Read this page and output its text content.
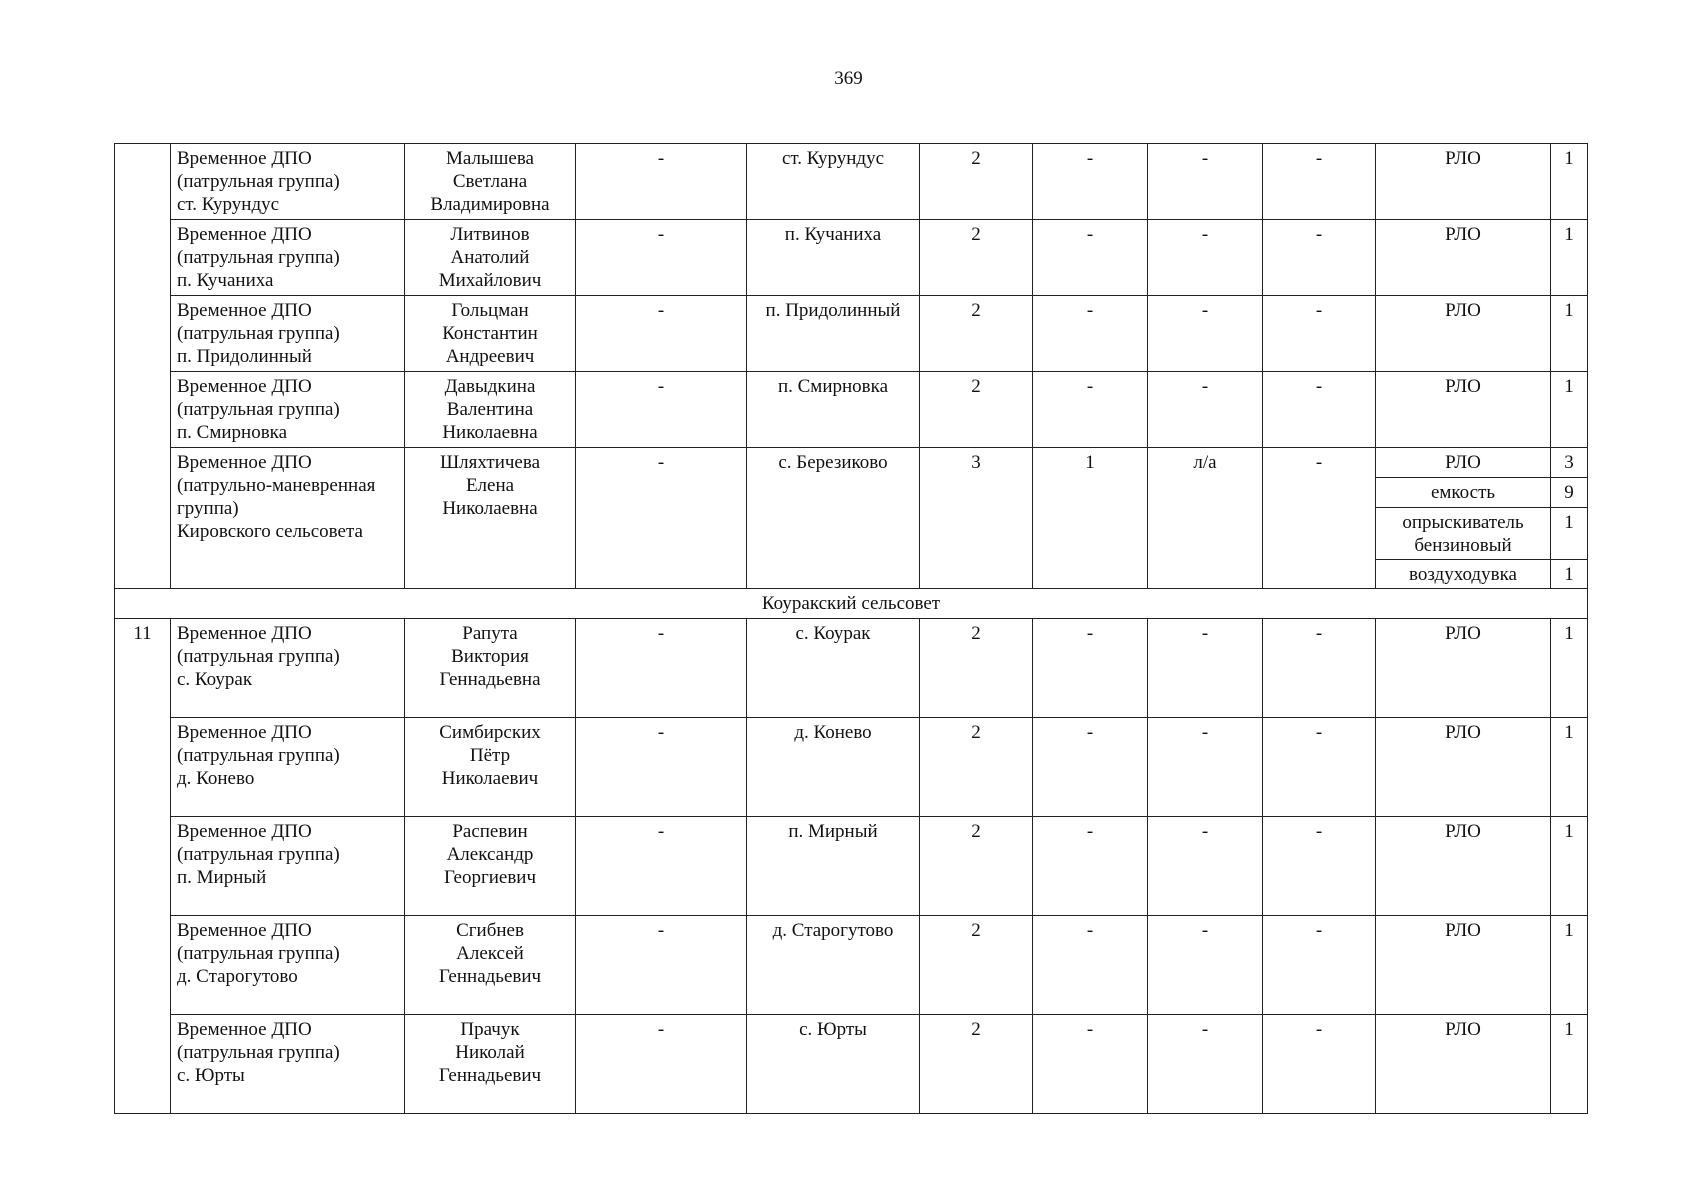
369
	Временное ДПО
(патрульная группа)
ст. Курундус	Малышева
Светлана
Владимировна	-	ст. Курундус	2	-	-	-	РЛО	1
	Временное ДПО
(патрульная группа)
п. Кучаниха	Литвинов
Анатолий
Михайлович	-	п. Кучаниха	2	-	-	-	РЛО	1
	Временное ДПО
(патрульная группа)
п. Придолинный	Гольцман
Константин
Андреевич	-	п. Придолинный	2	-	-	-	РЛО	1
	Временное ДПО
(патрульная группа)
п. Смирновка	Давыдкина
Валентина
Николаевна	-	п. Смирновка	2	-	-	-	РЛО	1
	Временное ДПО
(патрульно-маневренная
группа)
Кировского сельсовета	Шляхтичева
Елена
Николаевна	-	с. Березиково	3	1	л/а	-	РЛО	3
									емкость	9
									опрыскиватель
бензиновый	1
									воздуходувка	1
Коуракский сельсовет										
11	Временное ДПО
(патрульная группа)
с. Коурак	Рапута
Виктория
Геннадьевна	-	с. Коурак	2	-	-	-	РЛО	1
	Временное ДПО
(патрульная группа)
д. Конево	Симбирских
Пётр
Николаевич	-	д. Конево	2	-	-	-	РЛО	1
	Временное ДПО
(патрульная группа)
п. Мирный	Распевин
Александр
Георгиевич	-	п. Мирный	2	-	-	-	РЛО	1
	Временное ДПО
(патрульная группа)
д. Старогутово	Сгибнев
Алексей
Геннадьевич	-	д. Старогутово	2	-	-	-	РЛО	1
	Временное ДПО
(патрульная группа)
с. Юрты	Прачук
Николай
Геннадьевич	-	с. Юрты	2	-	-	-	РЛО	1
